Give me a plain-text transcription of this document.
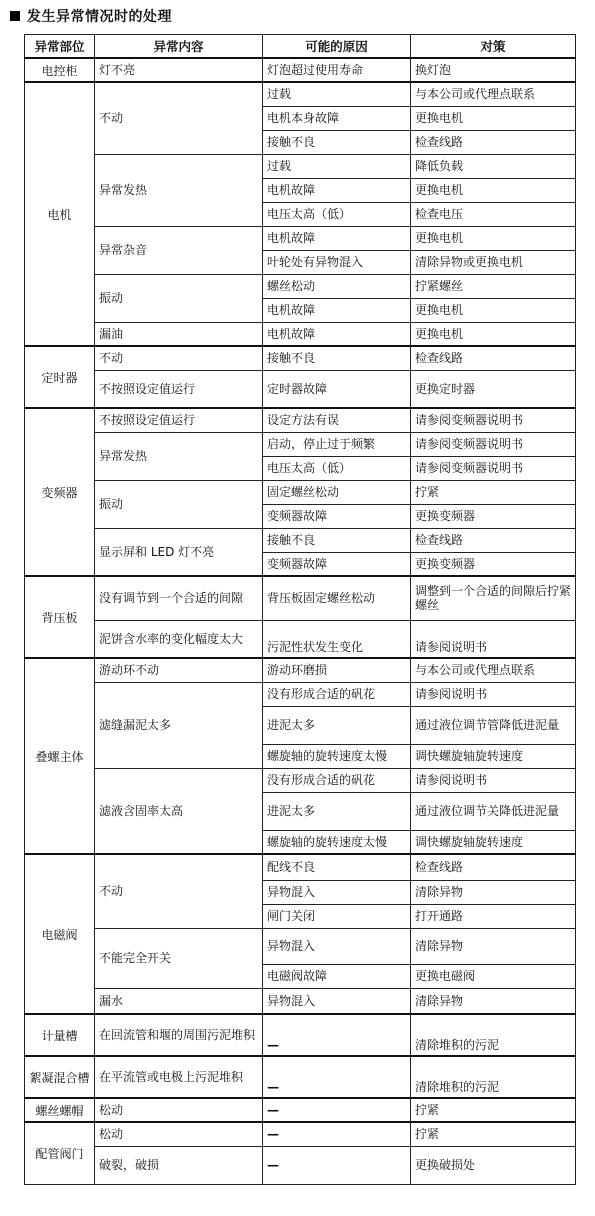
发生异常情况时的处理
异常部位	异常内容	可能的原因	对策
电控柜	灯不亮	灯泡超过使用寿命	换灯泡
电机	不动	过载	与本公司或代理点联系
		电机本身故障	更换电机
		接触不良	检查线路
	异常发热	过载	降低负载
		电机故障	更换电机
		电压太高（低）	检查电压
	异常杂音	电机故障	更换电机
		叶轮处有异物混入	清除异物或更换电机
	振动	螺丝松动	拧紧螺丝
		电机故障	更换电机
	漏油	电机故障	更换电机
定时器	不动	接触不良	检查线路
	不按照设定值运行	定时器故障	更换定时器
变频器	不按照设定值运行	设定方法有误	请参阅变频器说明书
	异常发热	启动，停止过于频繁	请参阅变频器说明书
		电压太高（低）	请参阅变频器说明书
	振动	固定螺丝松动	拧紧
		变频器故障	更换变频器
	显示屏和 LED 灯不亮	接触不良	检查线路
		变频器故障	更换变频器
背压板	没有调节到一个合适的间隙	背压板固定螺丝松动	调整到一个合适的间隙后拧紧螺丝
	泥饼含水率的变化幅度太大	污泥性状发生变化	请参阅说明书
叠螺主体	游动环不动	游动环磨损	与本公司或代理点联系
	滤缝漏泥太多	没有形成合适的矾花	请参阅说明书
		进泥太多	通过液位调节管降低进泥量
		螺旋轴的旋转速度太慢	调快螺旋轴旋转速度
	滤液含固率太高	没有形成合适的矾花	请参阅说明书
		进泥太多	通过液位调节关降低进泥量
		螺旋轴的旋转速度太慢	调快螺旋轴旋转速度
电磁阀	不动	配线不良	检查线路
		异物混入	清除异物
		闸门关闭	打开通路
	不能完全开关	异物混入	清除异物
		电磁阀故障	更换电磁阀
	漏水	异物混入	清除异物
计量槽	在回流管和堰的周围污泥堆积	—	清除堆积的污泥
絮凝混合槽	在平流管或电极上污泥堆积	—	清除堆积的污泥
螺丝螺帽	松动	—	拧紧
配管阀门	松动	—	拧紧
	破裂，破损	—	更换破损处
